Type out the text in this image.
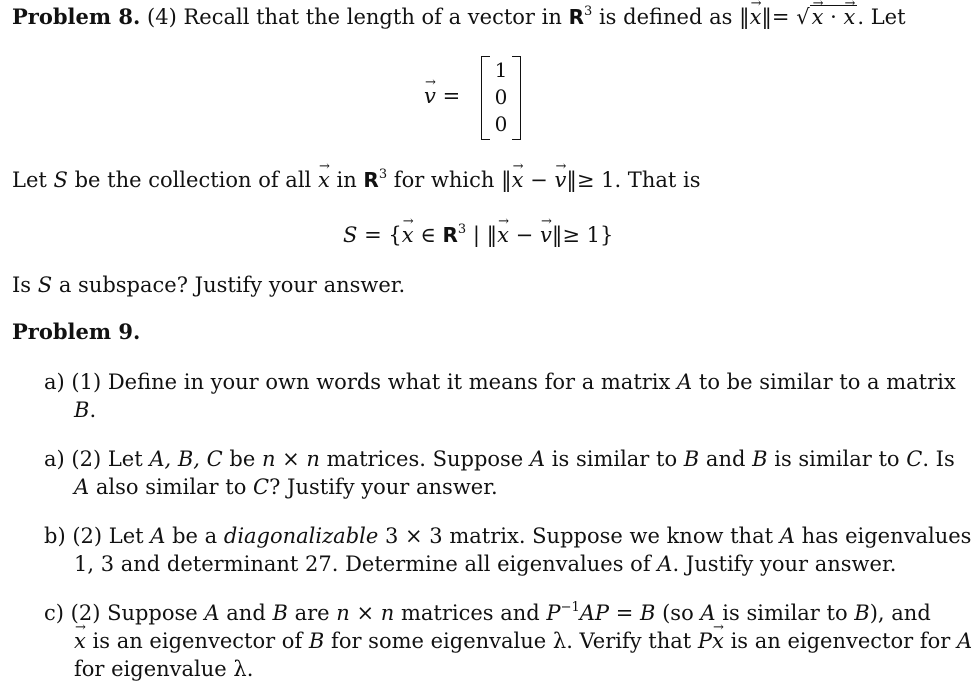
Problem 8. (4) Recall that the length of a vector in $R^3$ is defined as ‖→ x‖= √→ x · → x. Let
→ v =
1
0
0
Let S be the collection of all → x in $R^3$ for which ‖→ x − → v‖≥ 1. That is
S = {→ x ∈ $R^3$ | ‖→ x − → v‖≥ 1}
Is S a subspace? Justify your answer.
Problem 9.
a) (1) Define in your own words what it means for a matrix A to be similar to a matrix
B.
a) (2) Let A, B, C be n × n matrices. Suppose A is similar to B and B is similar to C. Is
A also similar to C? Justify your answer.
b) (2) Let A be a diagonalizable 3 × 3 matrix. Suppose we know that A has eigenvalues
1, 3 and determinant 27. Determine all eigenvalues of A. Justify your answer.
c) (2) Suppose A and B are n × n matrices and $P^{-1}AP = B$ (so A is similar to B), and
→ x is an eigenvector of B for some eigenvalue λ. Verify that P→ x is an eigenvector for A
for eigenvalue λ.
